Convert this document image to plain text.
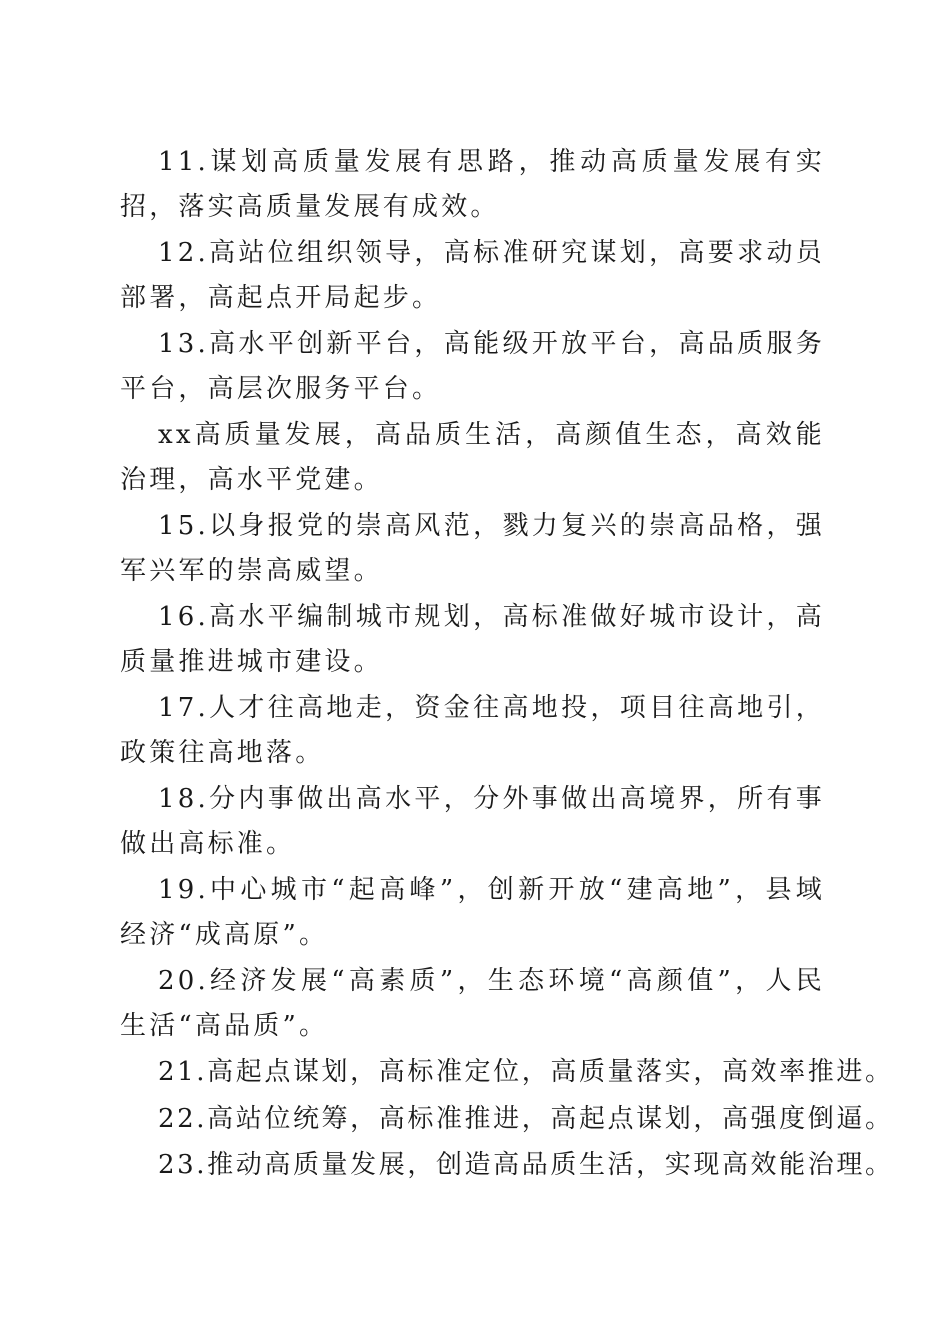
11.谋划高质量发展有思路，推动高质量发展有实招，落实高质量发展有成效。

12.高站位组织领导，高标准研究谋划，高要求动员部署，高起点开局起步。

13.高水平创新平台，高能级开放平台，高品质服务平台，高层次服务平台。

xx高质量发展，高品质生活，高颜值生态，高效能治理，高水平党建。

15.以身报党的崇高风范，戮力复兴的崇高品格，强军兴军的崇高威望。

16.高水平编制城市规划，高标准做好城市设计，高质量推进城市建设。

17.人才往高地走，资金往高地投，项目往高地引，政策往高地落。

18.分内事做出高水平，分外事做出高境界，所有事做出高标准。

19.中心城市“起高峰”，创新开放“建高地”，县域经济“成高原”。

20.经济发展“高素质”，生态环境“高颜值”，人民生活“高品质”。

21.高起点谋划，高标准定位，高质量落实，高效率推进。

22.高站位统筹，高标准推进，高起点谋划，高强度倒逼。

23.推动高质量发展，创造高品质生活，实现高效能治理。
